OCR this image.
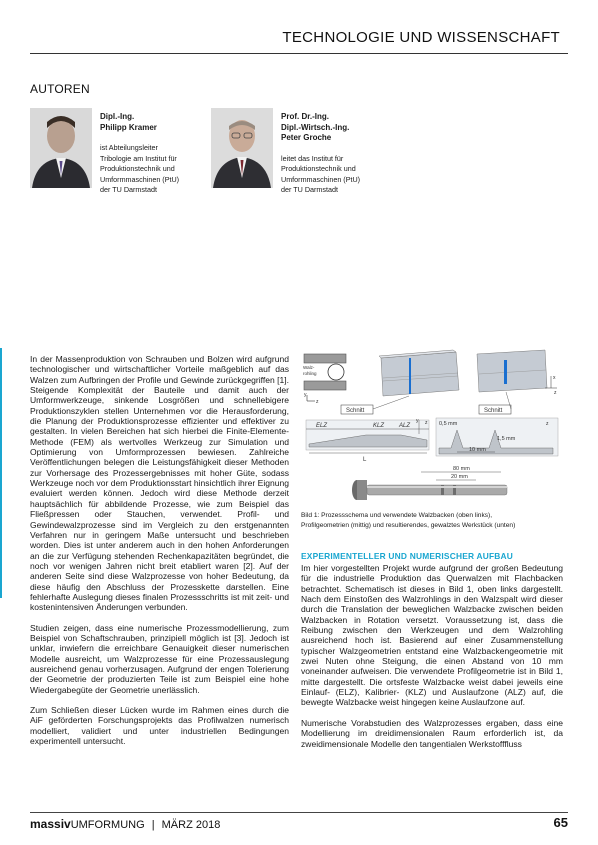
TECHNOLOGIE UND WISSENSCHAFT
AUTOREN
Dipl.-Ing.
Philipp Kramer
ist Abteilungsleiter
Tribologie am Institut für
Produktionstechnik und
Umformmaschinen (PtU)
der TU Darmstadt
Prof. Dr.-Ing.
Dipl.-Wirtsch.-Ing.
Peter Groche
leitet das Institut für
Produktionstechnik und
Umformmaschinen (PtU)
der TU Darmstadt

In der Massenproduktion von Schrauben und Bolzen wird aufgrund technologischer und wirtschaftlicher Vorteile maßgeblich auf das Walzen zum Aufbringen der Profile und Gewinde zurückgegriffen [1]. Steigende Komplexität der Bauteile und damit auch der Umformwerkzeuge, sinkende Losgrößen und schnellebigere Produktionszyklen stellen Unternehmen vor die Herausforderung, die Planung der Produktionsprozesse effizienter und effektiver zu gestalten. In vielen Bereichen hat sich hierbei die Finite-Elemente-Methode (FEM) als wertvolles Werkzeug zur Simulation und Optimierung von Umformprozessen bewiesen. Zahlreiche Veröffentlichungen belegen die Leistungsfähigkeit dieser Methoden zur Vorhersage des Prozessergebnisses mit hoher Güte, sodass Werkzeuge noch vor dem Produktionsstart hinsichtlich ihrer Eignung evaluiert werden können. Jedoch wird diese Methode derzeit hauptsächlich für abbildende Prozesse, wie zum Beispiel das Fließpressen oder Stauchen, verwendet. Profil- und Gewindewalzprozesse sind im Vergleich zu den erstgenannten Verfahren nur in geringem Maße untersucht und beschrieben worden. Dies ist unter anderem auch in den hohen Anforderungen an die zur Verfügung stehenden Rechenkapazitäten begründet, die noch vor wenigen Jahren nicht breit etabliert waren [2]. Auf der anderen Seite sind diese Walzprozesse von hoher Bedeutung, da diese häufig den Abschluss der Prozesskette darstellen. Eine fehlerhafte Auslegung dieses finalen Prozessschritts ist mit zeit- und kostenintensiven Änderungen verbunden.

Studien zeigen, dass eine numerische Prozessmodellierung, zum Beispiel von Schaftschrauben, prinzipiell möglich ist [3]. Jedoch ist unklar, inwiefern die erreichbare Genauigkeit dieser numerischen Modelle ausreicht, um Walzprozesse für eine Prozessauslegung ausreichend genau vorherzusagen. Aufgrund der engen Tolerierung der Geometrie der produzierten Teile ist zum Beispiel eine hohe Wiedergabegüte der Geometrie unerlässlich.

Zum Schließen dieser Lücken wurde im Rahmen eines durch die AiF geförderten Forschungsprojekts das Profilwalzen numerisch modelliert, validiert und unter industriellen Bedingungen experimentell untersucht.

Walz-
rohling
y
z
x
z
Schnitt	Schnitt
ELZ	KLZ ALZ
L
y z 0,5 mm
1,5 mm
10 mm
z
80 mm
20 mm
Bild 1: Prozessschema und verwendete Walzbacken (oben links),
Profilgeometrien (mittig) und resultierendes, gewalztes Werkstück (unten)
EXPERIMENTELLER UND NUMERISCHER AUFBAU

Im hier vorgestellten Projekt wurde aufgrund der großen Bedeutung für die industrielle Produktion das Querwalzen mit Flachbacken betrachtet. Schematisch ist dieses in Bild 1, oben links dargestellt. Nach dem Einstoßen des Walzrohlings in den Walzspalt wird dieser durch die Translation der beweglichen Walzbacke zwischen beiden Walzbacken in Rotation versetzt. Voraussetzung ist, dass die Reibung zwischen den Werkzeugen und dem Walzrohling ausreichend hoch ist. Basierend auf einer Zusammenstellung typischer Walzgeometrien entstand eine Walzbackengeometrie mit zwei Nuten ohne Steigung, die einen Abstand von 10 mm voneinander aufweisen. Die verwendete Profilgeometrie ist in Bild 1, mitte dargestellt. Die ortsfeste Walzbacke weist dabei jeweils eine Einlauf- (ELZ), Kalibrier- (KLZ) und Auslaufzone (ALZ) auf, die bewegte Walzbacke weist hingegen keine Auslaufzone auf.

Numerische Vorabstudien des Walzprozesses ergaben, dass eine Modellierung im dreidimensionalen Raum erforderlich ist, da zweidimensionale Modelle den tangentialen Werkstofffluss

massivUMFORMUNG | MÄRZ 2018	65
